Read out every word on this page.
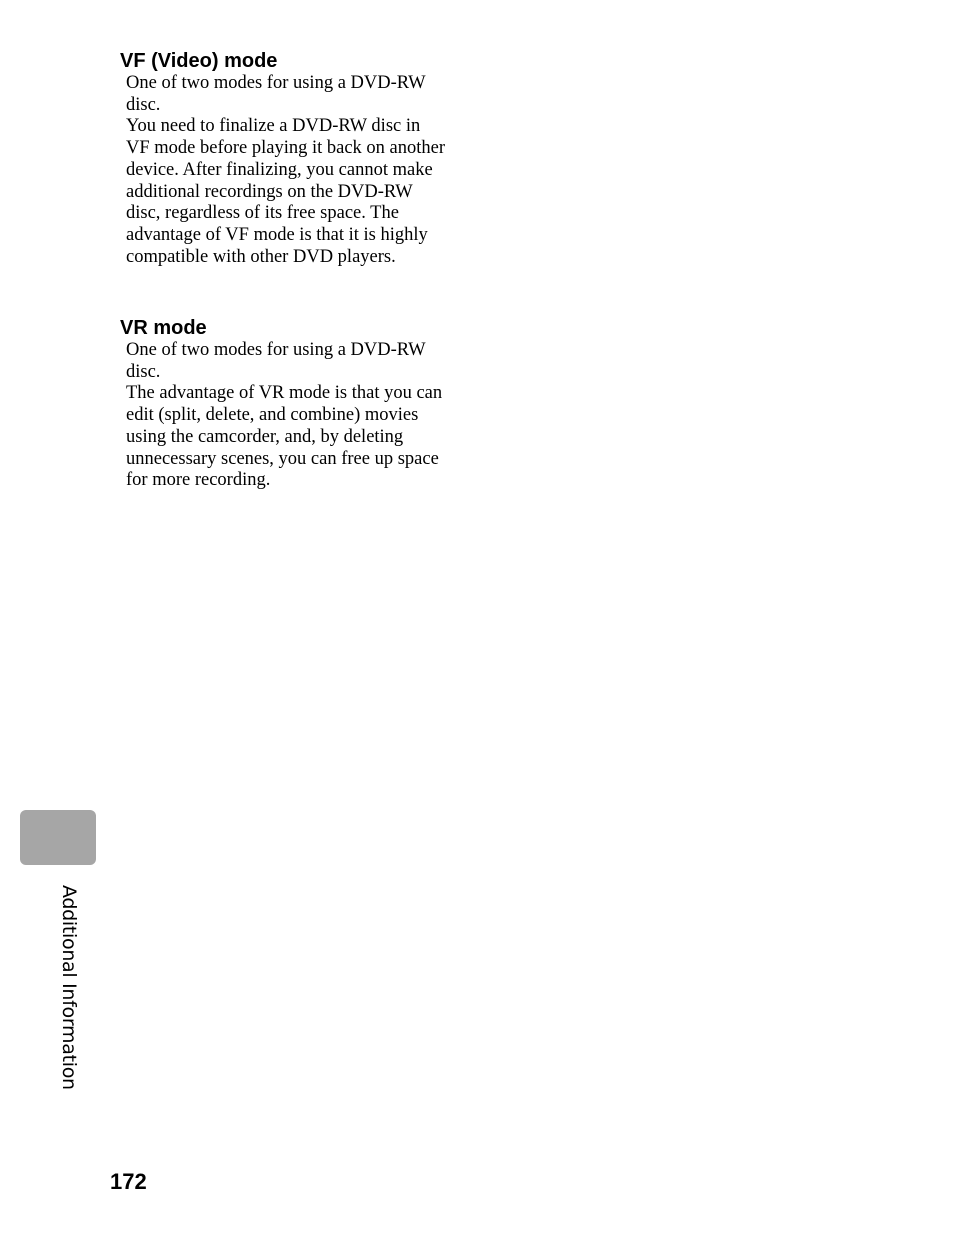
VF (Video) mode

One of two modes for using a DVD-RW disc.

You need to finalize a DVD-RW disc in VF mode before playing it back on another device. After finalizing, you cannot make additional recordings on the DVD-RW disc, regardless of its free space. The advantage of VF mode is that it is highly compatible with other DVD players.

VR mode

One of two modes for using a DVD-RW disc.

The advantage of VR mode is that you can edit (split, delete, and combine) movies using the camcorder, and, by deleting unnecessary scenes, you can free up space for more recording.

Additional Information
172
